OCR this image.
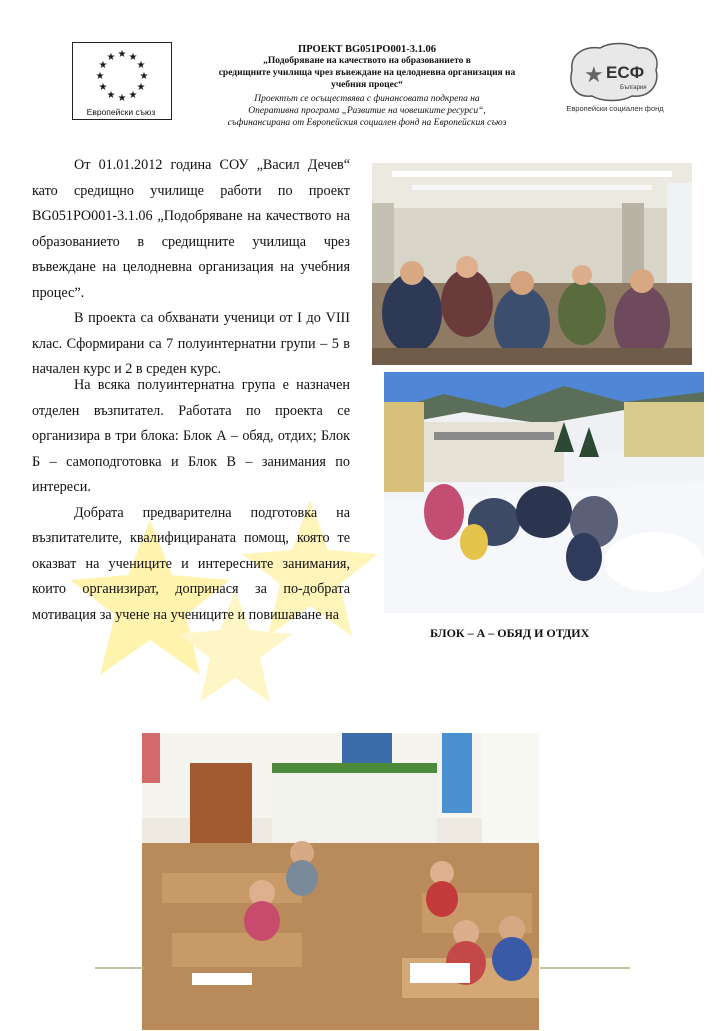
★ ★
★
★
★
★
★
★
★
★
★
★
Европейски съюз
ПРОЕКТ BG051PO001-3.1.06
„Подобряване на качеството на образованието в
средищните училища чрез въвеждане на целодневна организация на
учебния процес“
Проектът се осъществява с финансовата подкрепа на
Оперативна програма „Развитие на човешките ресурси“,
съфинансирана от Европейския социален фонд на Европейския съюз
★ ЕСФ
България
Европейски социален фонд

От 01.01.2012 година СОУ „Васил Дечев“ като средищно училище работи по проект BG051PO001-3.1.06 „Подобряване на качеството на образованието в средищните училища чрез въвеждане на целодневна организация на учебния процес”.

В проекта са обхванати ученици от I до VIII клас. Сформирани са 7 полуинтернатни групи – 5 в начален курс и 2 в среден курс.

На всяка полуинтернатна група е назначен отделен възпитател. Работата по проекта се организира в три блока: Блок А – обяд, отдих; Блок Б – самоподготовка и Блок В – занимания по интереси.

Добрата предварителна подготовка на възпитателите, квалифицираната помощ, която те оказват на учениците и интересните занимания, които организират, допринася за по-добрата мотивация за учене на учениците и повишаване на

БЛОК – А – ОБЯД И ОТДИХ
